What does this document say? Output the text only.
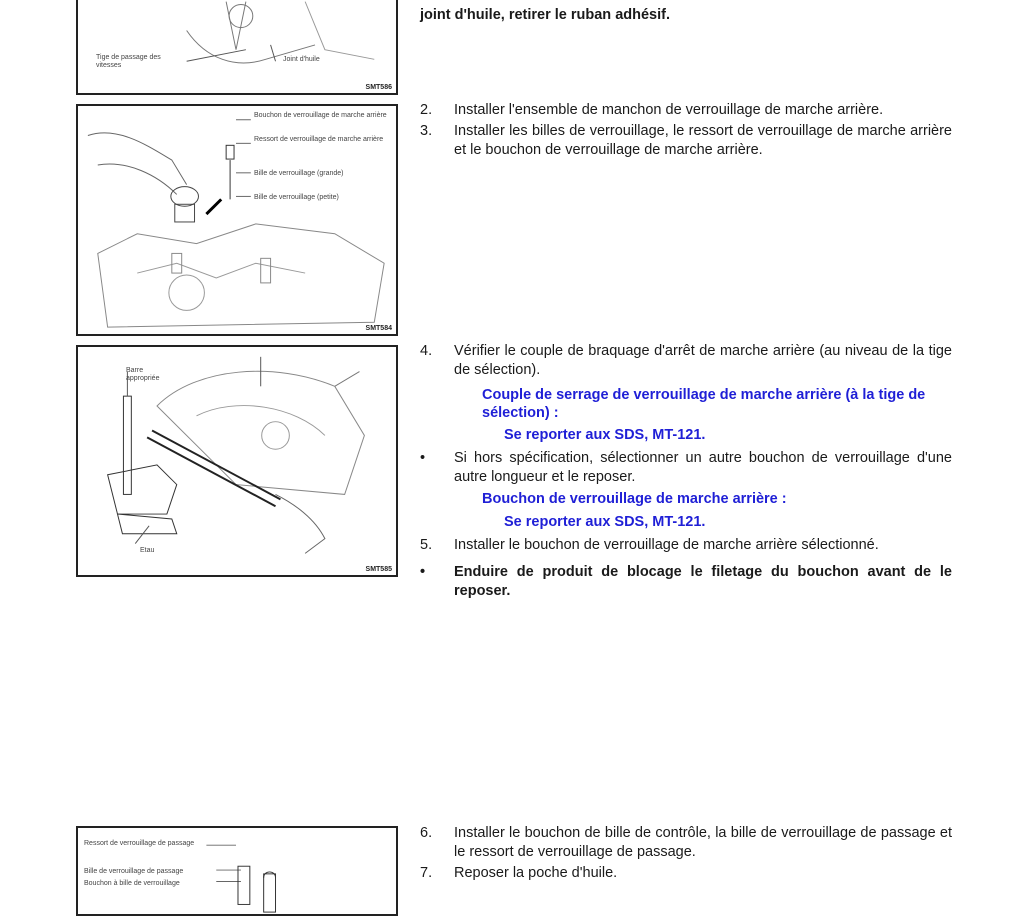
Tige de passage des vitesses
Joint d'huile
SMT586
Bouchon de verrouillage de marche arrière
Ressort de verrouillage de marche arrière
Bille de verrouillage (grande)
Bille de verrouillage (petite)
SMT584
Barre appropriée
Etau
SMT585
Ressort de verrouillage de passage
Bille de verrouillage de passage
Bouchon à bille de verrouillage
joint d'huile, retirer le ruban adhésif.
2. Installer l'ensemble de manchon de verrouillage de marche arrière.
3. Installer les billes de verrouillage, le ressort de verrouillage de marche arrière et le bouchon de verrouillage de marche arrière.
4. Vérifier le couple de braquage d'arrêt de marche arrière (au niveau de la tige de sélection).
Couple de serrage de verrouillage de marche arrière (à la tige de sélection) :
Se reporter aux SDS, MT-121.
• Si hors spécification, sélectionner un autre bouchon de verrouillage d'une autre longueur et le reposer.
Bouchon de verrouillage de marche arrière :
Se reporter aux SDS, MT-121.
5. Installer le bouchon de verrouillage de marche arrière sélectionné.
• Enduire de produit de blocage le filetage du bouchon avant de le reposer.
6. Installer le bouchon de bille de contrôle, la bille de verrouillage de passage et le ressort de verrouillage de passage.
7. Reposer la poche d'huile.
